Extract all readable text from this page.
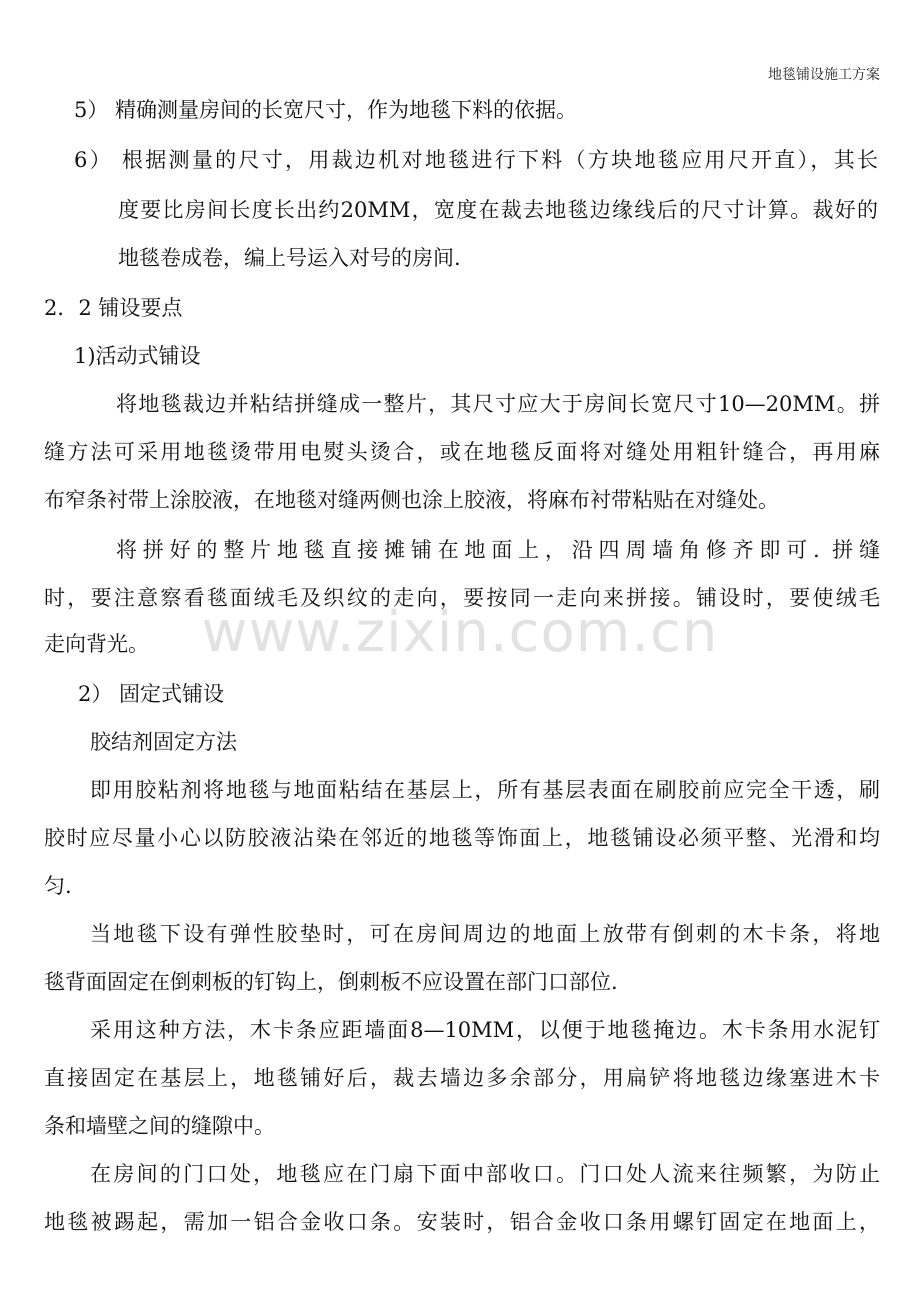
地毯铺设施工方案
www.zixin.com.cn
5） 精确测量房间的长宽尺寸，作为地毯下料的依据。
6） 根据测量的尺寸，用裁边机对地毯进行下料（方块地毯应用尺开直），其长
度要比房间长度长出约20MM，宽度在裁去地毯边缘线后的尺寸计算。裁好的
地毯卷成卷，编上号运入对号的房间.
2．2 铺设要点
1)活动式铺设
将地毯裁边并粘结拼缝成一整片，其尺寸应大于房间长宽尺寸10—20MM。拼
缝方法可采用地毯烫带用电熨头烫合，或在地毯反面将对缝处用粗针缝合，再用麻
布窄条衬带上涂胶液，在地毯对缝两侧也涂上胶液，将麻布衬带粘贴在对缝处。
将拼好的整片地毯直接摊铺在地面上，沿四周墙角修齐即可. 拼缝
时，要注意察看毯面绒毛及织纹的走向，要按同一走向来拼接。铺设时，要使绒毛
走向背光。
2） 固定式铺设
胶结剂固定方法
即用胶粘剂将地毯与地面粘结在基层上，所有基层表面在刷胶前应完全干透，刷
胶时应尽量小心以防胶液沾染在邻近的地毯等饰面上，地毯铺设必须平整、光滑和均
匀.
当地毯下设有弹性胶垫时，可在房间周边的地面上放带有倒刺的木卡条，将地
毯背面固定在倒刺板的钉钩上，倒刺板不应设置在部门口部位.
采用这种方法，木卡条应距墙面8—10MM，以便于地毯掩边。木卡条用水泥钉
直接固定在基层上，地毯铺好后，裁去墙边多余部分，用扁铲将地毯边缘塞进木卡
条和墙壁之间的缝隙中。
在房间的门口处，地毯应在门扇下面中部收口。门口处人流来往频繁，为防止
地毯被踢起，需加一铝合金收口条。安装时，铝合金收口条用螺钉固定在地面上，
